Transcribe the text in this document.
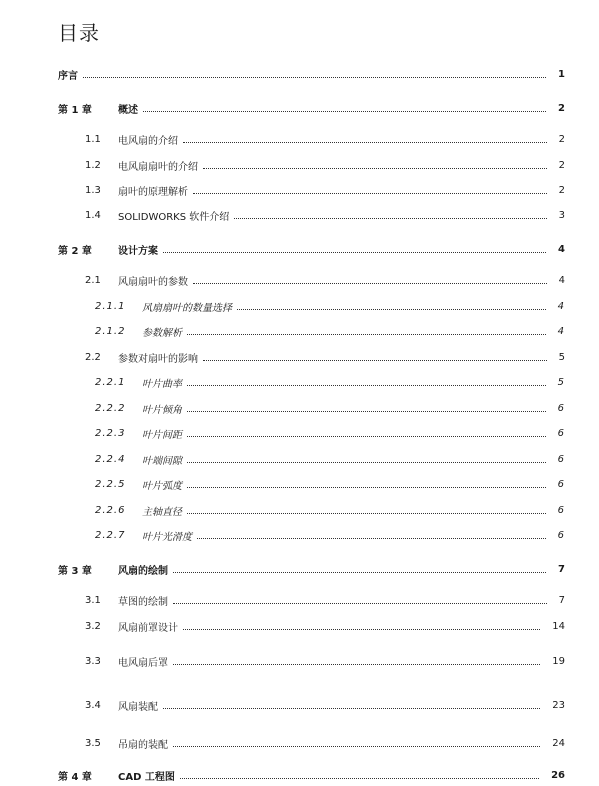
目录
序言	1
第 1 章	概述	2
1.1 电风扇的介绍	2
1.2 电风扇扇叶的介绍	2
1.3 扇叶的原理解析	2
1.4 SOLIDWORKS 软件介绍	3
第 2 章	设计方案	4
2.1 风扇扇叶的参数	4
2.1.1 风扇扇叶的数量选择	4
2.1.2 参数解析	4
2.2 参数对扇叶的影响	5
2.2.1 叶片曲率	5
2.2.2 叶片倾角	6
2.2.3 叶片间距	6
2.2.4 叶端间隙	6
2.2.5 叶片弧度	6
2.2.6 主轴直径	6
2.2.7 叶片光滑度	6
第 3 章	风扇的绘制	7
3.1 草图的绘制	7
3.2 风扇前罩设计	14
3.3 电风扇后罩	19
3.4 风扇装配	23
3.5 吊扇的装配	24
第 4 章	CAD 工程图	26
